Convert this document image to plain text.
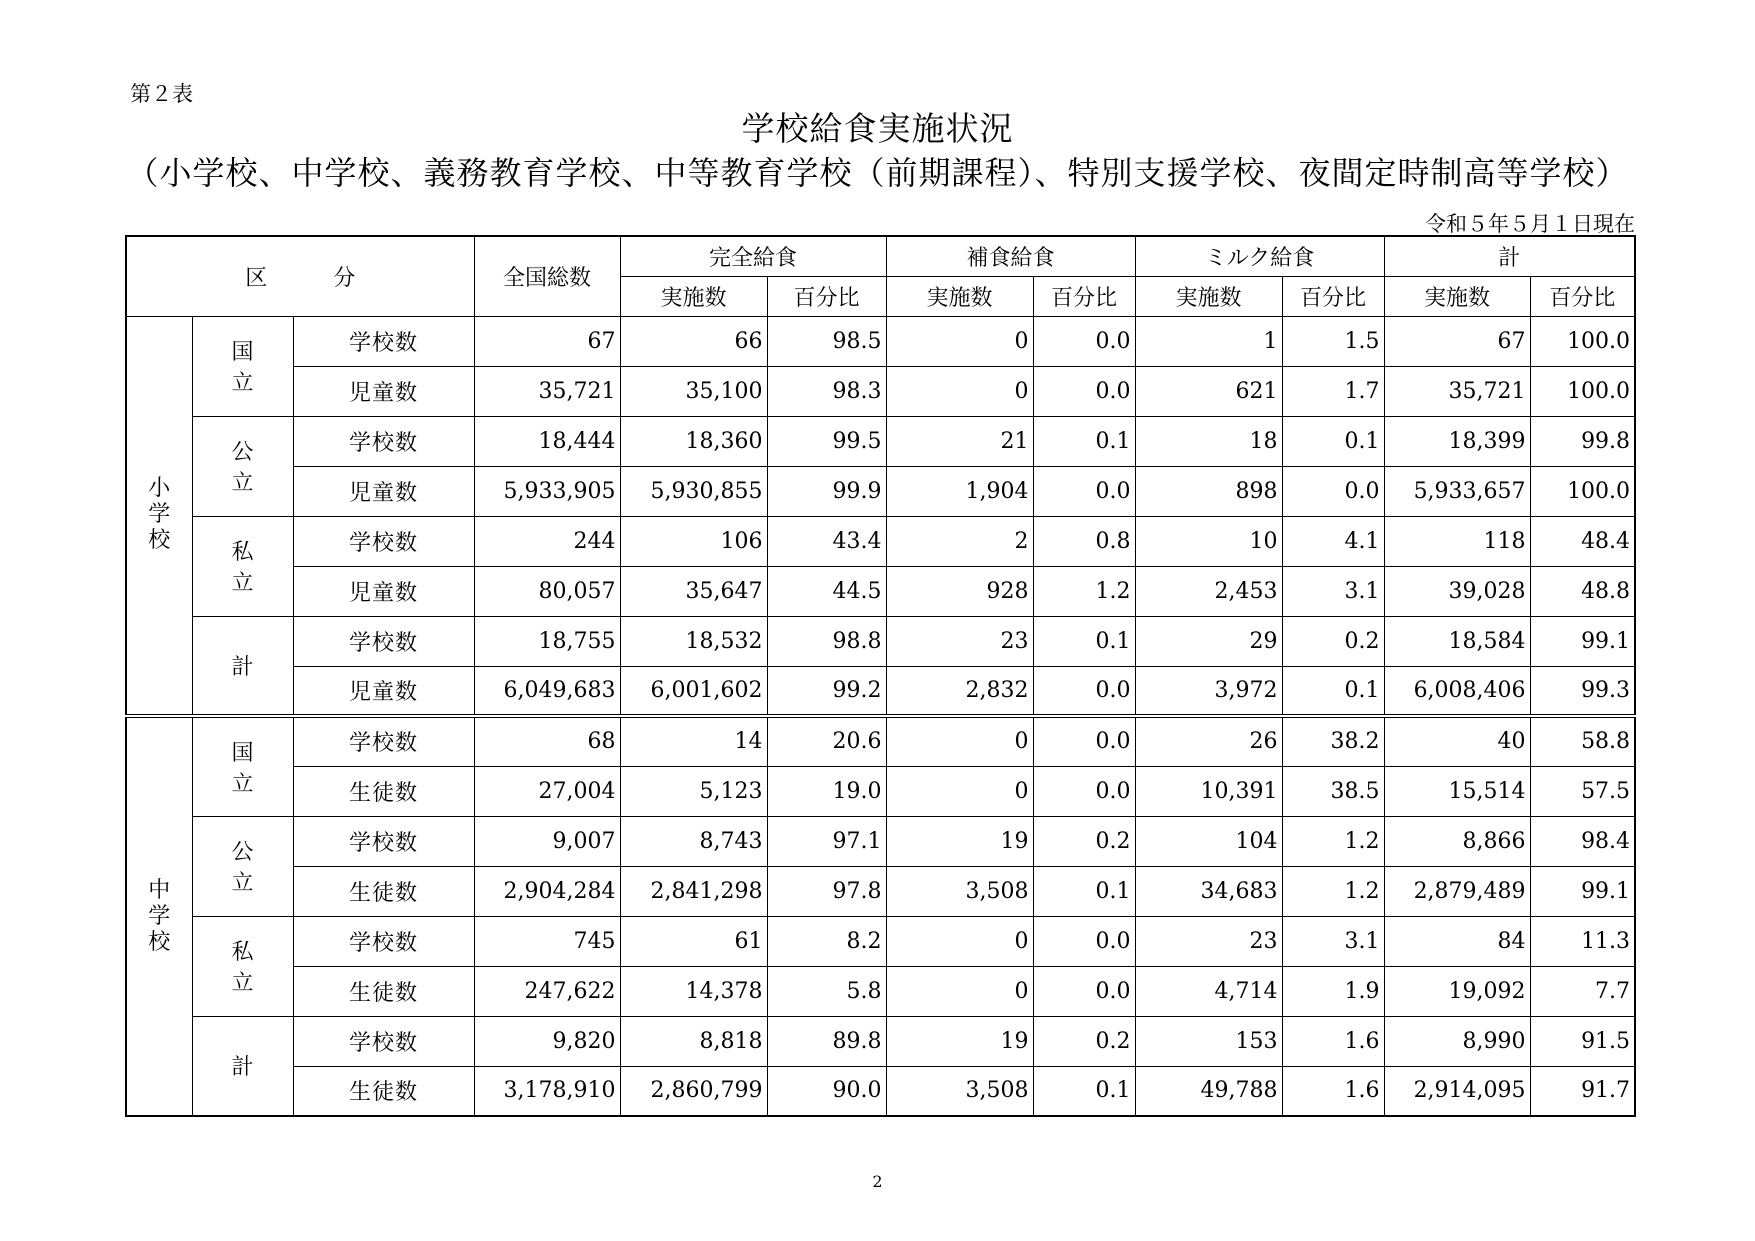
第２表
学校給食実施状況
（小学校、中学校、義務教育学校、中等教育学校（前期課程）、特別支援学校、夜間定時制高等学校）
令和５年５月１日現在
区　　　分			全国総数	完全給食		補食給食		ミルク給食		計	
				実施数	百分比	実施数	百分比	実施数	百分比	実施数	百分比

小
学
校	国　立	学校数	67	66	98.5	0	0.0	1	1.5	67	100.0
		児童数	35,721	35,100	98.3	0	0.0	621	1.7	35,721	100.0
	公　立	学校数	18,444	18,360	99.5	21	0.1	18	0.1	18,399	99.8
		児童数	5,933,905	5,930,855	99.9	1,904	0.0	898	0.0	5,933,657	100.0
	私　立	学校数	244	106	43.4	2	0.8	10	4.1	118	48.4
		児童数	80,057	35,647	44.5	928	1.2	2,453	3.1	39,028	48.8
	計	学校数	18,755	18,532	98.8	23	0.1	29	0.2	18,584	99.1
		児童数	6,049,683	6,001,602	99.2	2,832	0.0	3,972	0.1	6,008,406	99.3

中
学
校	国　立	学校数	68	14	20.6	0	0.0	26	38.2	40	58.8
		生徒数	27,004	5,123	19.0	0	0.0	10,391	38.5	15,514	57.5
	公　立	学校数	9,007	8,743	97.1	19	0.2	104	1.2	8,866	98.4
		生徒数	2,904,284	2,841,298	97.8	3,508	0.1	34,683	1.2	2,879,489	99.1
	私　立	学校数	745	61	8.2	0	0.0	23	3.1	84	11.3
		生徒数	247,622	14,378	5.8	0	0.0	4,714	1.9	19,092	7.7
	計	学校数	9,820	8,818	89.8	19	0.2	153	1.6	8,990	91.5
		生徒数	3,178,910	2,860,799	90.0	3,508	0.1	49,788	1.6	2,914,095	91.7
2
